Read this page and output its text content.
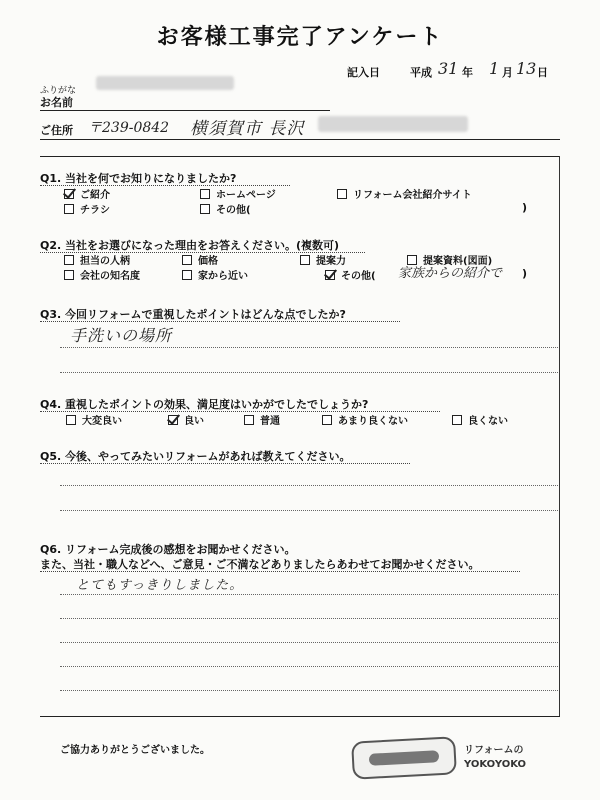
お客様工事完了アンケート
記入日	平成 31 年 1 月 13 日
ふりがな
お名前
ご住所 〒239-0842 横須賀市 長沢
Q1. 当社を何でお知りになりましたか?
ご紹介	ホームページ	リフォーム会社紹介サイト
チラシ	その他(	)
Q2. 当社をお選びになった理由をお答えください。(複数可)
担当の人柄	価格	提案力	提案資料(図面)
会社の知名度	家から近い	その他( 家族からの紹介で )
Q3. 今回リフォームで重視したポイントはどんな点でしたか?
手洗いの場所
Q4. 重視したポイントの効果、満足度はいかがでしたでしょうか?
大変良い	良い	普通	あまり良くない	良くない
Q5. 今後、やってみたいリフォームがあれば教えてください。
Q6. リフォーム完成後の感想をお聞かせください。
また、当社・職人などへ、ご意見・ご不満などありましたらあわせてお聞かせください。
とてもすっきりしました。
ご協力ありがとうございました。	リフォームの
YOKOYOKO
